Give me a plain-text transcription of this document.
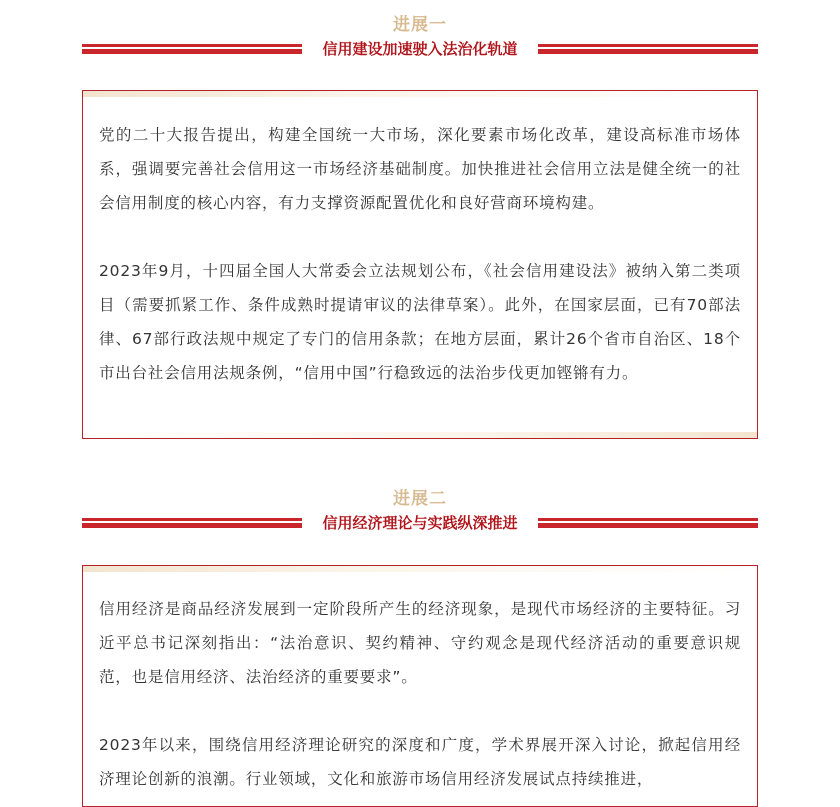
进展一
信用建设加速驶入法治化轨道

党的二十大报告提出，构建全国统一大市场，深化要素市场化改革，建设高标准市场体系，强调要完善社会信用这一市场经济基础制度。加快推进社会信用立法是健全统一的社会信用制度的核心内容，有力支撑资源配置优化和良好营商环境构建。

2023年9月，十四届全国人大常委会立法规划公布，《社会信用建设法》被纳入第二类项目（需要抓紧工作、条件成熟时提请审议的法律草案）。此外，在国家层面，已有70部法律、67部行政法规中规定了专门的信用条款；在地方层面，累计26个省市自治区、18个市出台社会信用法规条例，“信用中国”行稳致远的法治步伐更加铿锵有力。

进展二
信用经济理论与实践纵深推进

信用经济是商品经济发展到一定阶段所产生的经济现象，是现代市场经济的主要特征。习近平总书记深刻指出：“法治意识、契约精神、守约观念是现代经济活动的重要意识规范，也是信用经济、法治经济的重要要求”。

2023年以来，围绕信用经济理论研究的深度和广度，学术界展开深入讨论，掀起信用经济理论创新的浪潮。行业领域，文化和旅游市场信用经济发展试点持续推进，
